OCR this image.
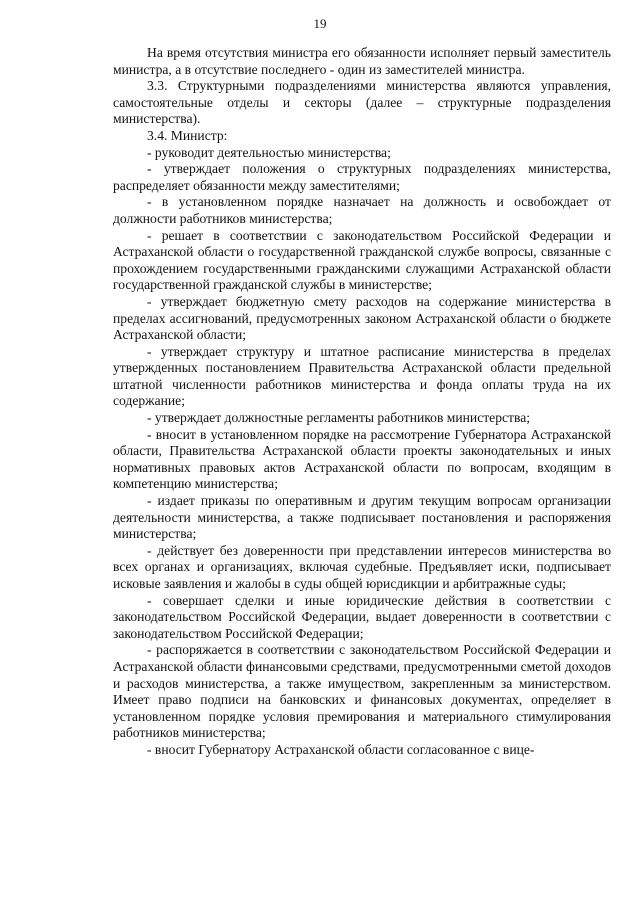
19

На время отсутствия министра его обязанности исполняет первый заместитель министра, а в отсутствие последнего - один из заместителей министра.

3.3. Структурными подразделениями министерства являются управления, самостоятельные отделы и секторы (далее – структурные подразделения министерства).

3.4. Министр:

- руководит деятельностью министерства;

- утверждает положения о структурных подразделениях министерства, распределяет обязанности между заместителями;

- в установленном порядке назначает на должность и освобождает от должности работников министерства;

- решает в соответствии с законодательством Российской Федерации и Астраханской области о государственной гражданской службе вопросы, связанные с прохождением государственными гражданскими служащими Астраханской области государственной гражданской службы в министерстве;

- утверждает бюджетную смету расходов на содержание министерства в пределах ассигнований, предусмотренных законом Астраханской области о бюджете Астраханской области;

- утверждает структуру и штатное расписание министерства в пределах утвержденных постановлением Правительства Астраханской области предельной штатной численности работников министерства и фонда оплаты труда на их содержание;

- утверждает должностные регламенты работников министерства;

- вносит в установленном порядке на рассмотрение Губернатора Астраханской области, Правительства Астраханской области проекты законодательных и иных нормативных правовых актов Астраханской области по вопросам, входящим в компетенцию министерства;

- издает приказы по оперативным и другим текущим вопросам организации деятельности министерства, а также подписывает постановления и распоряжения министерства;

- действует без доверенности при представлении интересов министерства во всех органах и организациях, включая судебные. Предъявляет иски, подписывает исковые заявления и жалобы в суды общей юрисдикции и арбитражные суды;

- совершает сделки и иные юридические действия в соответствии с законодательством Российской Федерации, выдает доверенности в соответствии с законодательством Российской Федерации;

- распоряжается в соответствии с законодательством Российской Федерации и Астраханской области финансовыми средствами, предусмотренными сметой доходов и расходов министерства, а также имуществом, закрепленным за министерством. Имеет право подписи на банковских и финансовых документах, определяет в установленном порядке условия премирования и материального стимулирования работников министерства;

- вносит Губернатору Астраханской области согласованное с вице-
